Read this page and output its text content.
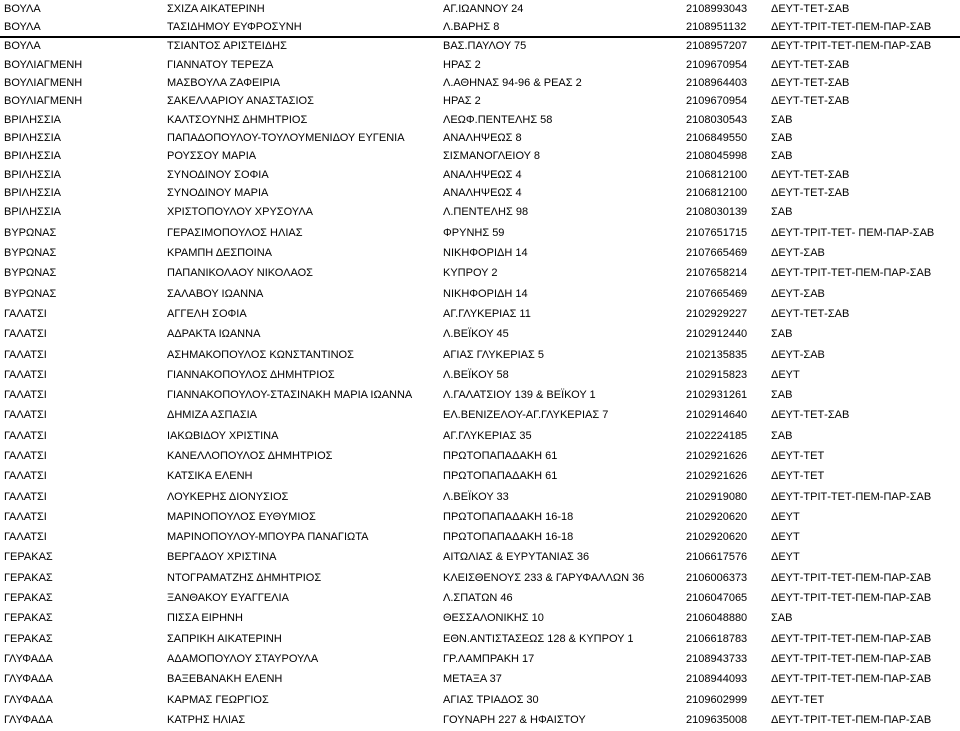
ΒΟΥΛΑ	ΣΧΙΖΑ ΑΙΚΑΤΕΡΙΝΗ	ΑΓ.ΙΩΑΝΝΟΥ 24	2108993043	ΔΕΥΤ-ΤΕΤ-ΣΑΒ
ΒΟΥΛΑ	ΤΑΣΙΔΗΜΟΥ ΕΥΦΡΟΣΥΝΗ	Λ.ΒΑΡΗΣ 8	2108951132	ΔΕΥΤ-ΤΡΙΤ-ΤΕΤ-ΠΕΜ-ΠΑΡ-ΣΑΒ

ΒΟΥΛΑ	ΤΣΙΑΝΤΟΣ ΑΡΙΣΤΕΙΔΗΣ	ΒΑΣ.ΠΑΥΛΟΥ 75	2108957207	ΔΕΥΤ-ΤΡΙΤ-ΤΕΤ-ΠΕΜ-ΠΑΡ-ΣΑΒ
ΒΟΥΛΙΑΓΜΕΝΗ	ΓΙΑΝΝΑΤΟΥ ΤΕΡΕΖΑ	ΗΡΑΣ 2	2109670954	ΔΕΥΤ-ΤΕΤ-ΣΑΒ
ΒΟΥΛΙΑΓΜΕΝΗ	ΜΑΣΒΟΥΛΑ ΖΑΦΕΙΡΙΑ	Λ.ΑΘΗΝΑΣ 94-96 & ΡΕΑΣ 2	2108964403	ΔΕΥΤ-ΤΕΤ-ΣΑΒ
ΒΟΥΛΙΑΓΜΕΝΗ	ΣΑΚΕΛΛΑΡΙΟΥ ΑΝΑΣΤΑΣΙΟΣ	ΗΡΑΣ 2	2109670954	ΔΕΥΤ-ΤΕΤ-ΣΑΒ
ΒΡΙΛΗΣΣΙΑ	ΚΑΛΤΣΟΥΝΗΣ ΔΗΜΗΤΡΙΟΣ	ΛΕΩΦ.ΠΕΝΤΕΛΗΣ 58	2108030543	ΣΑΒ
ΒΡΙΛΗΣΣΙΑ	ΠΑΠΑΔΟΠΟΥΛΟΥ-ΤΟΥΛΟΥΜΕΝΙΔΟΥ ΕΥΓΕΝΙΑ	ΑΝΑΛΗΨΕΩΣ 8	2106849550	ΣΑΒ
ΒΡΙΛΗΣΣΙΑ	ΡΟΥΣΣΟΥ ΜΑΡΙΑ	ΣΙΣΜΑΝΟΓΛΕΙΟΥ 8	2108045998	ΣΑΒ
ΒΡΙΛΗΣΣΙΑ	ΣΥΝΟΔΙΝΟΥ ΣΟΦΙΑ	ΑΝΑΛΗΨΕΩΣ 4	2106812100	ΔΕΥΤ-ΤΕΤ-ΣΑΒ
ΒΡΙΛΗΣΣΙΑ	ΣΥΝΟΔΙΝΟΥ ΜΑΡΙΑ	ΑΝΑΛΗΨΕΩΣ 4	2106812100	ΔΕΥΤ-ΤΕΤ-ΣΑΒ
ΒΡΙΛΗΣΣΙΑ	ΧΡΙΣΤΟΠΟΥΛΟΥ ΧΡΥΣΟΥΛΑ	Λ.ΠΕΝΤΕΛΗΣ 98	2108030139	ΣΑΒ
ΒΥΡΩΝΑΣ	ΓΕΡΑΣΙΜΟΠΟΥΛΟΣ ΗΛΙΑΣ	ΦΡΥΝΗΣ 59	2107651715	ΔΕΥΤ-ΤΡΙΤ-ΤΕΤ- ΠΕΜ-ΠΑΡ-ΣΑΒ
ΒΥΡΩΝΑΣ	ΚΡΑΜΠΗ ΔΕΣΠΟΙΝΑ	ΝΙΚΗΦΟΡΙΔΗ 14	2107665469	ΔΕΥΤ-ΣΑΒ
ΒΥΡΩΝΑΣ	ΠΑΠΑΝΙΚΟΛΑΟΥ ΝΙΚΟΛΑΟΣ	ΚΥΠΡΟΥ 2	2107658214	ΔΕΥΤ-ΤΡΙΤ-ΤΕΤ-ΠΕΜ-ΠΑΡ-ΣΑΒ
ΒΥΡΩΝΑΣ	ΣΑΛΑΒΟΥ ΙΩΑΝΝΑ	ΝΙΚΗΦΟΡΙΔΗ 14	2107665469	ΔΕΥΤ-ΣΑΒ
ΓΑΛΑΤΣΙ	ΑΓΓΕΛΗ ΣΟΦΙΑ	ΑΓ.ΓΛΥΚΕΡΙΑΣ 11	2102929227	ΔΕΥΤ-ΤΕΤ-ΣΑΒ
ΓΑΛΑΤΣΙ	ΑΔΡΑΚΤΑ ΙΩΑΝΝΑ	Λ.ΒΕΪΚΟΥ 45	2102912440	ΣΑΒ
ΓΑΛΑΤΣΙ	ΑΣΗΜΑΚΟΠΟΥΛΟΣ ΚΩΝΣΤΑΝΤΙΝΟΣ	ΑΓΙΑΣ ΓΛΥΚΕΡΙΑΣ 5	2102135835	ΔΕΥΤ-ΣΑΒ
ΓΑΛΑΤΣΙ	ΓΙΑΝΝΑΚΟΠΟΥΛΟΣ ΔΗΜΗΤΡΙΟΣ	Λ.ΒΕΪΚΟΥ 58	2102915823	ΔΕΥΤ
ΓΑΛΑΤΣΙ	ΓΙΑΝΝΑΚΟΠΟΥΛΟΥ-ΣΤΑΣΙΝΑΚΗ ΜΑΡΙΑ ΙΩΑΝΝΑ	Λ.ΓΑΛΑΤΣΙΟΥ 139 & ΒΕΪΚΟΥ 1	2102931261	ΣΑΒ
ΓΑΛΑΤΣΙ	ΔΗΜΙΖΑ ΑΣΠΑΣΙΑ	ΕΛ.ΒΕΝΙΖΕΛΟΥ-ΑΓ.ΓΛΥΚΕΡΙΑΣ 7	2102914640	ΔΕΥΤ-ΤΕΤ-ΣΑΒ
ΓΑΛΑΤΣΙ	ΙΑΚΩΒΙΔΟΥ ΧΡΙΣΤΙΝΑ	ΑΓ.ΓΛΥΚΕΡΙΑΣ 35	2102224185	ΣΑΒ
ΓΑΛΑΤΣΙ	ΚΑΝΕΛΛΟΠΟΥΛΟΣ ΔΗΜΗΤΡΙΟΣ	ΠΡΩΤΟΠΑΠΑΔΑΚΗ 61	2102921626	ΔΕΥΤ-ΤΕΤ
ΓΑΛΑΤΣΙ	ΚΑΤΣΙΚΑ ΕΛΕΝΗ	ΠΡΩΤΟΠΑΠΑΔΑΚΗ 61	2102921626	ΔΕΥΤ-ΤΕΤ
ΓΑΛΑΤΣΙ	ΛΟΥΚΕΡΗΣ ΔΙΟΝΥΣΙΟΣ	Λ.ΒΕΪΚΟΥ 33	2102919080	ΔΕΥΤ-ΤΡΙΤ-ΤΕΤ-ΠΕΜ-ΠΑΡ-ΣΑΒ
ΓΑΛΑΤΣΙ	ΜΑΡΙΝΟΠΟΥΛΟΣ ΕΥΘΥΜΙΟΣ	ΠΡΩΤΟΠΑΠΑΔΑΚΗ 16-18	2102920620	ΔΕΥΤ
ΓΑΛΑΤΣΙ	ΜΑΡΙΝΟΠΟΥΛΟΥ-ΜΠΟΥΡΑ ΠΑΝΑΓΙΩΤΑ	ΠΡΩΤΟΠΑΠΑΔΑΚΗ 16-18	2102920620	ΔΕΥΤ
ΓΕΡΑΚΑΣ	ΒΕΡΓΑΔΟΥ ΧΡΙΣΤΙΝΑ	ΑΙΤΩΛΙΑΣ & ΕΥΡΥΤΑΝΙΑΣ 36	2106617576	ΔΕΥΤ
ΓΕΡΑΚΑΣ	ΝΤΟΓΡΑΜΑΤΖΗΣ ΔΗΜΗΤΡΙΟΣ	ΚΛΕΙΣΘΕΝΟΥΣ 233 & ΓΑΡΥΦΑΛΛΩΝ 36	2106006373	ΔΕΥΤ-ΤΡΙΤ-ΤΕΤ-ΠΕΜ-ΠΑΡ-ΣΑΒ
ΓΕΡΑΚΑΣ	ΞΑΝΘΑΚΟΥ ΕΥΑΓΓΕΛΙΑ	Λ.ΣΠΑΤΩΝ 46	2106047065	ΔΕΥΤ-ΤΡΙΤ-ΤΕΤ-ΠΕΜ-ΠΑΡ-ΣΑΒ
ΓΕΡΑΚΑΣ	ΠΙΣΣΑ ΕΙΡΗΝΗ	ΘΕΣΣΑΛΟΝΙΚΗΣ 10	2106048880	ΣΑΒ
ΓΕΡΑΚΑΣ	ΣΑΠΡΙΚΗ ΑΙΚΑΤΕΡΙΝΗ	ΕΘΝ.ΑΝΤΙΣΤΑΣΕΩΣ 128 & ΚΥΠΡΟΥ 1	2106618783	ΔΕΥΤ-ΤΡΙΤ-ΤΕΤ-ΠΕΜ-ΠΑΡ-ΣΑΒ
ΓΛΥΦΑΔΑ	ΑΔΑΜΟΠΟΥΛΟΥ ΣΤΑΥΡΟΥΛΑ	ΓΡ.ΛΑΜΠΡΑΚΗ 17	2108943733	ΔΕΥΤ-ΤΡΙΤ-ΤΕΤ-ΠΕΜ-ΠΑΡ-ΣΑΒ
ΓΛΥΦΑΔΑ	ΒΑΞΕΒΑΝΑΚΗ ΕΛΕΝΗ	ΜΕΤΑΞΑ 37	2108944093	ΔΕΥΤ-ΤΡΙΤ-ΤΕΤ-ΠΕΜ-ΠΑΡ-ΣΑΒ
ΓΛΥΦΑΔΑ	ΚΑΡΜΑΣ ΓΕΩΡΓΙΟΣ	ΑΓΙΑΣ ΤΡΙΑΔΟΣ 30	2109602999	ΔΕΥΤ-ΤΕΤ
ΓΛΥΦΑΔΑ	ΚΑΤΡΗΣ ΗΛΙΑΣ	ΓΟΥΝΑΡΗ 227 & ΗΦΑΙΣΤΟΥ	2109635008	ΔΕΥΤ-ΤΡΙΤ-ΤΕΤ-ΠΕΜ-ΠΑΡ-ΣΑΒ
